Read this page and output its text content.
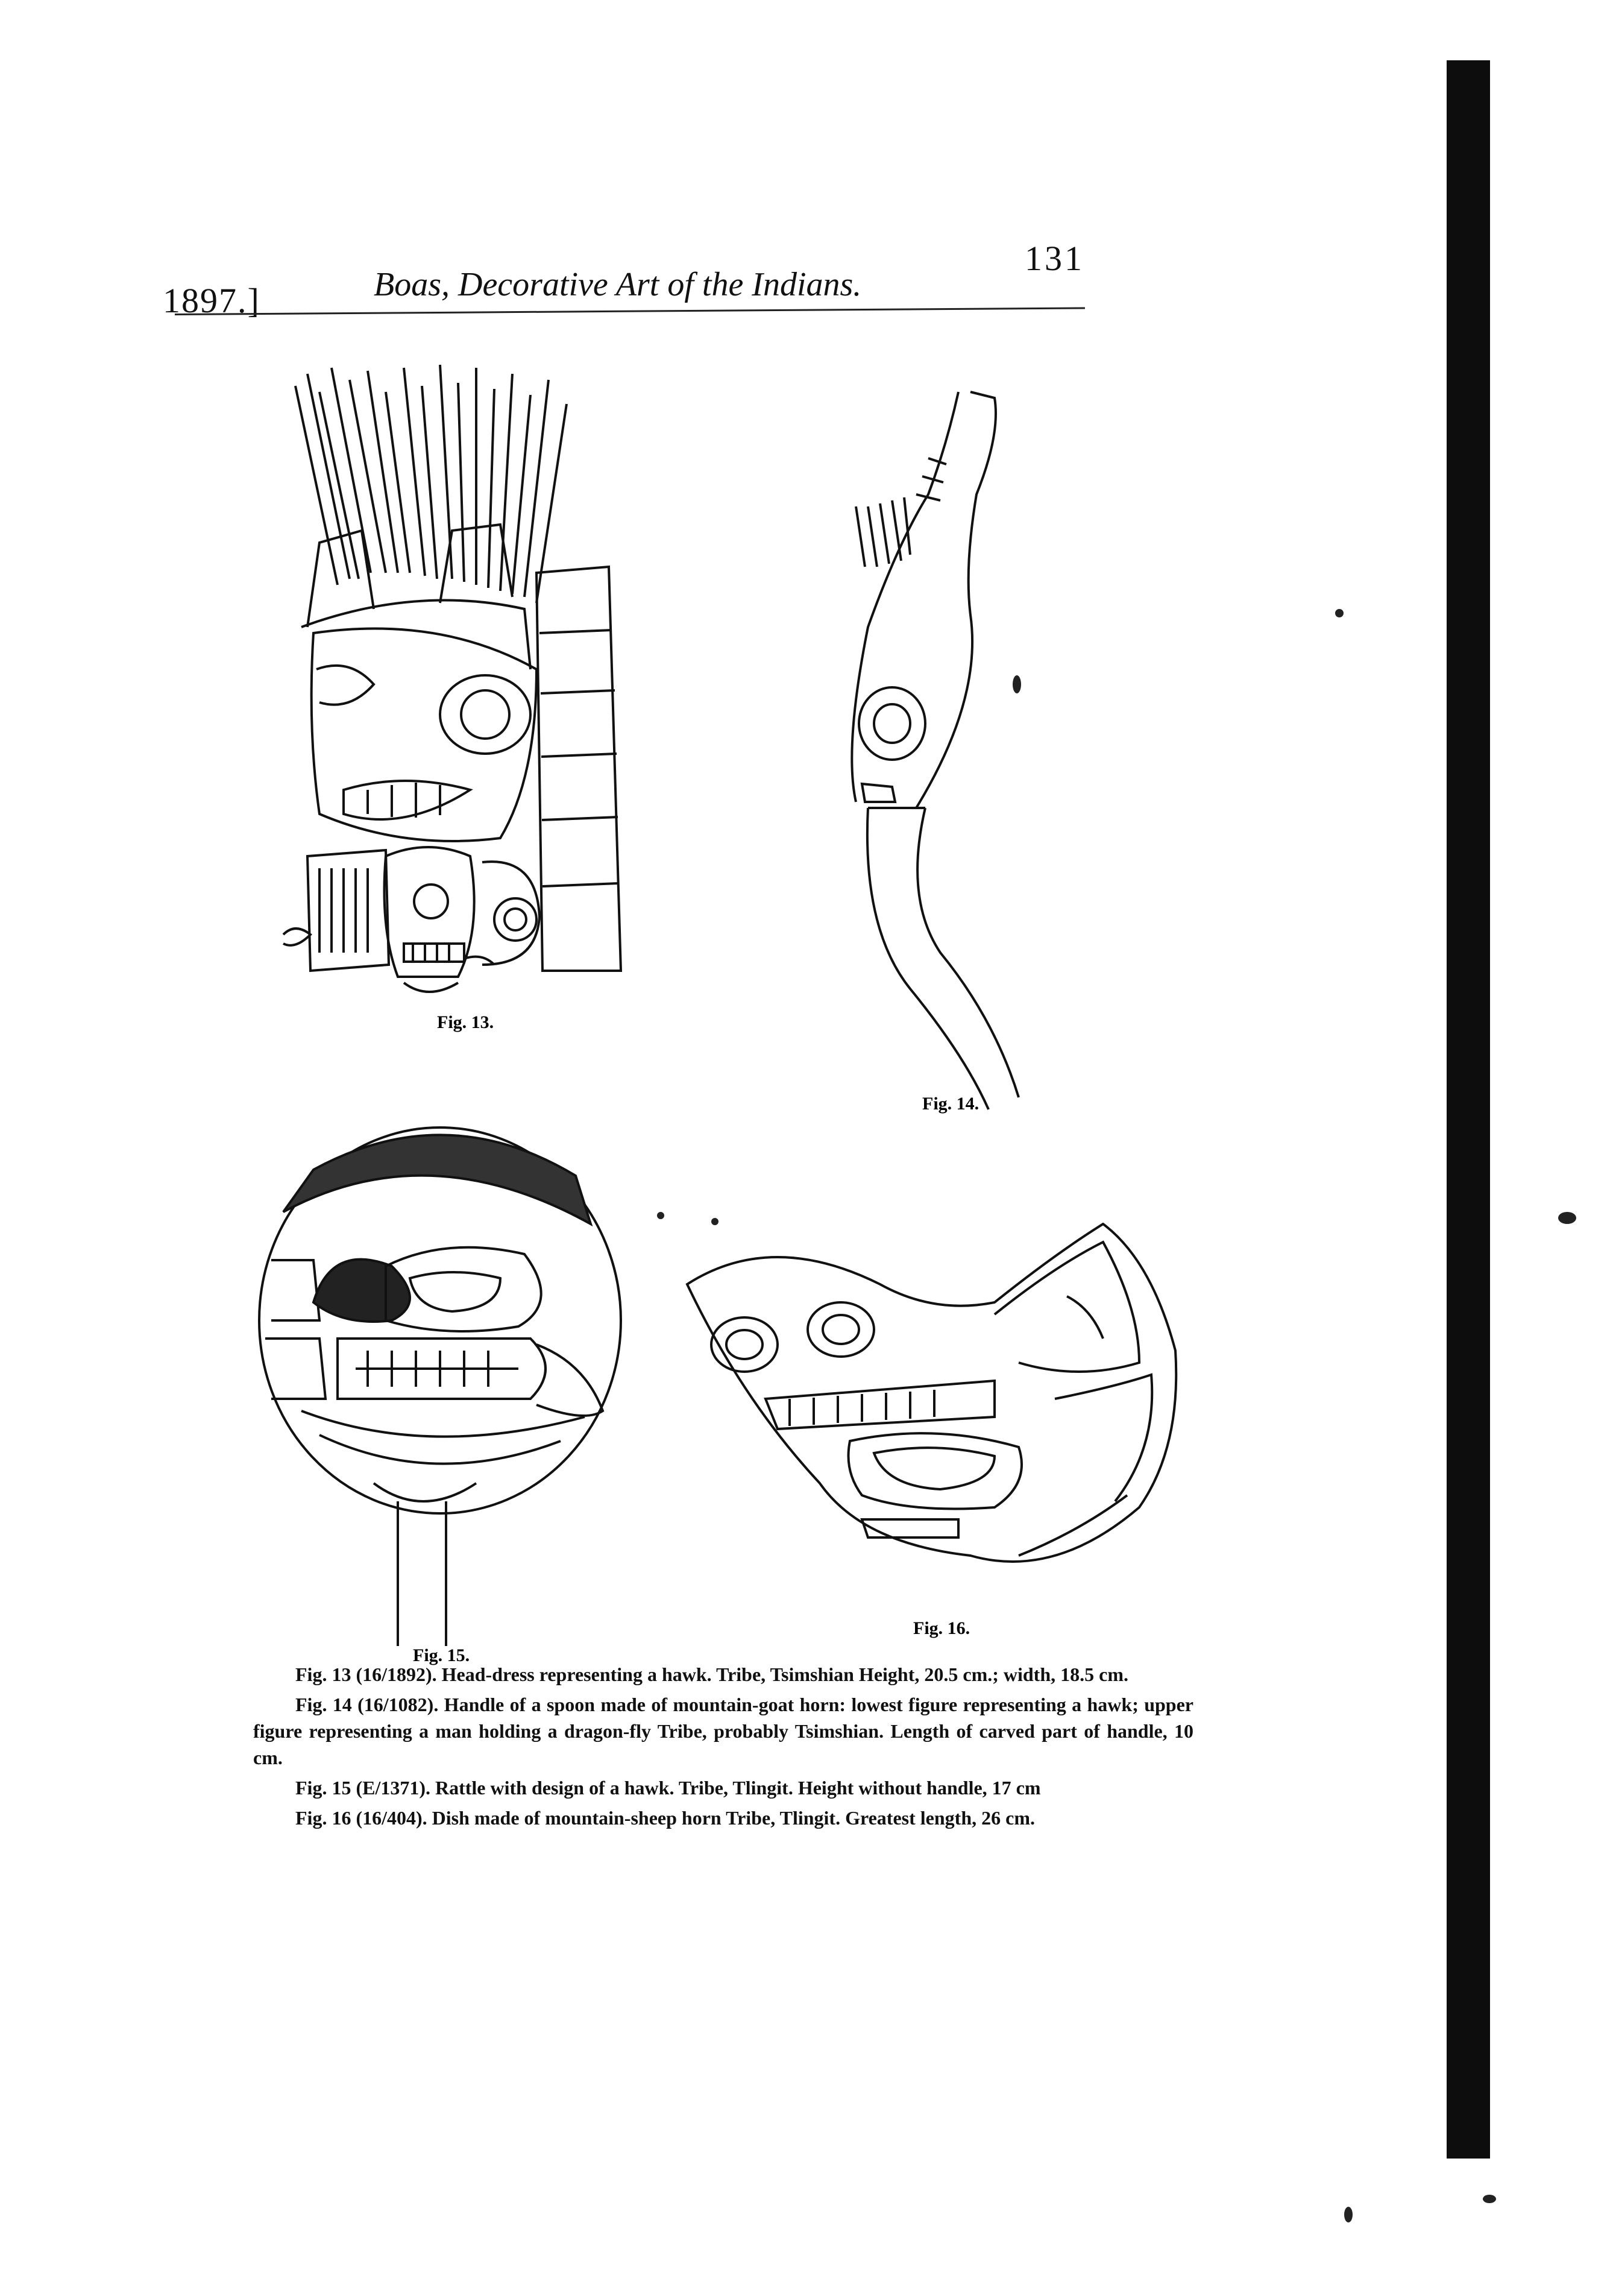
1897.]	Boas, Decorative Art of the Indians.
131
Fig. 13.
Fig. 14.
Fig. 15.
Fig. 16.

Fig. 13 (16/1892). Head-dress representing a hawk. Tribe, Tsimshian Height, 20.5 cm.; width, 18.5 cm.

Fig. 14 (16/1082). Handle of a spoon made of mountain-goat horn: lowest figure representing a hawk; upper figure representing a man holding a dragon-fly Tribe, probably Tsimshian. Length of carved part of handle, 10 cm.

Fig. 15 (E/1371). Rattle with design of a hawk. Tribe, Tlingit. Height without handle, 17 cm

Fig. 16 (16/404). Dish made of mountain-sheep horn Tribe, Tlingit. Greatest length, 26 cm.
